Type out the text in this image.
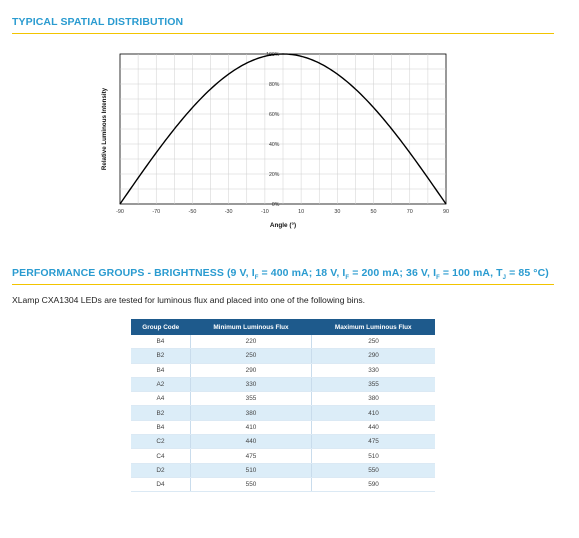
TYPICAL SPATIAL DISTRIBUTION
0%
20%
40%
60%
80%
100%
-90	-70	-50	-30	-10	10	30	50	70	90
Relative Luminous Intensity
Angle (°)
PERFORMANCE GROUPS - BRIGHTNESS (9 V, $I_F = 400$ mA; 18 V, $I_F = 200$ mA; 36 V, $I_F = 100$ mA, $T_J = 85$ °C)
XLamp CXA1304 LEDs are tested for luminous flux and placed into one of the following bins.
Group Code	Minimum Luminous Flux	Maximum Luminous Flux
B4	220	250
B2	250	290
B4	290	330
A2	330	355
A4	355	380
B2	380	410
B4	410	440
C2	440	475
C4	475	510
D2	510	550
D4	550	590
